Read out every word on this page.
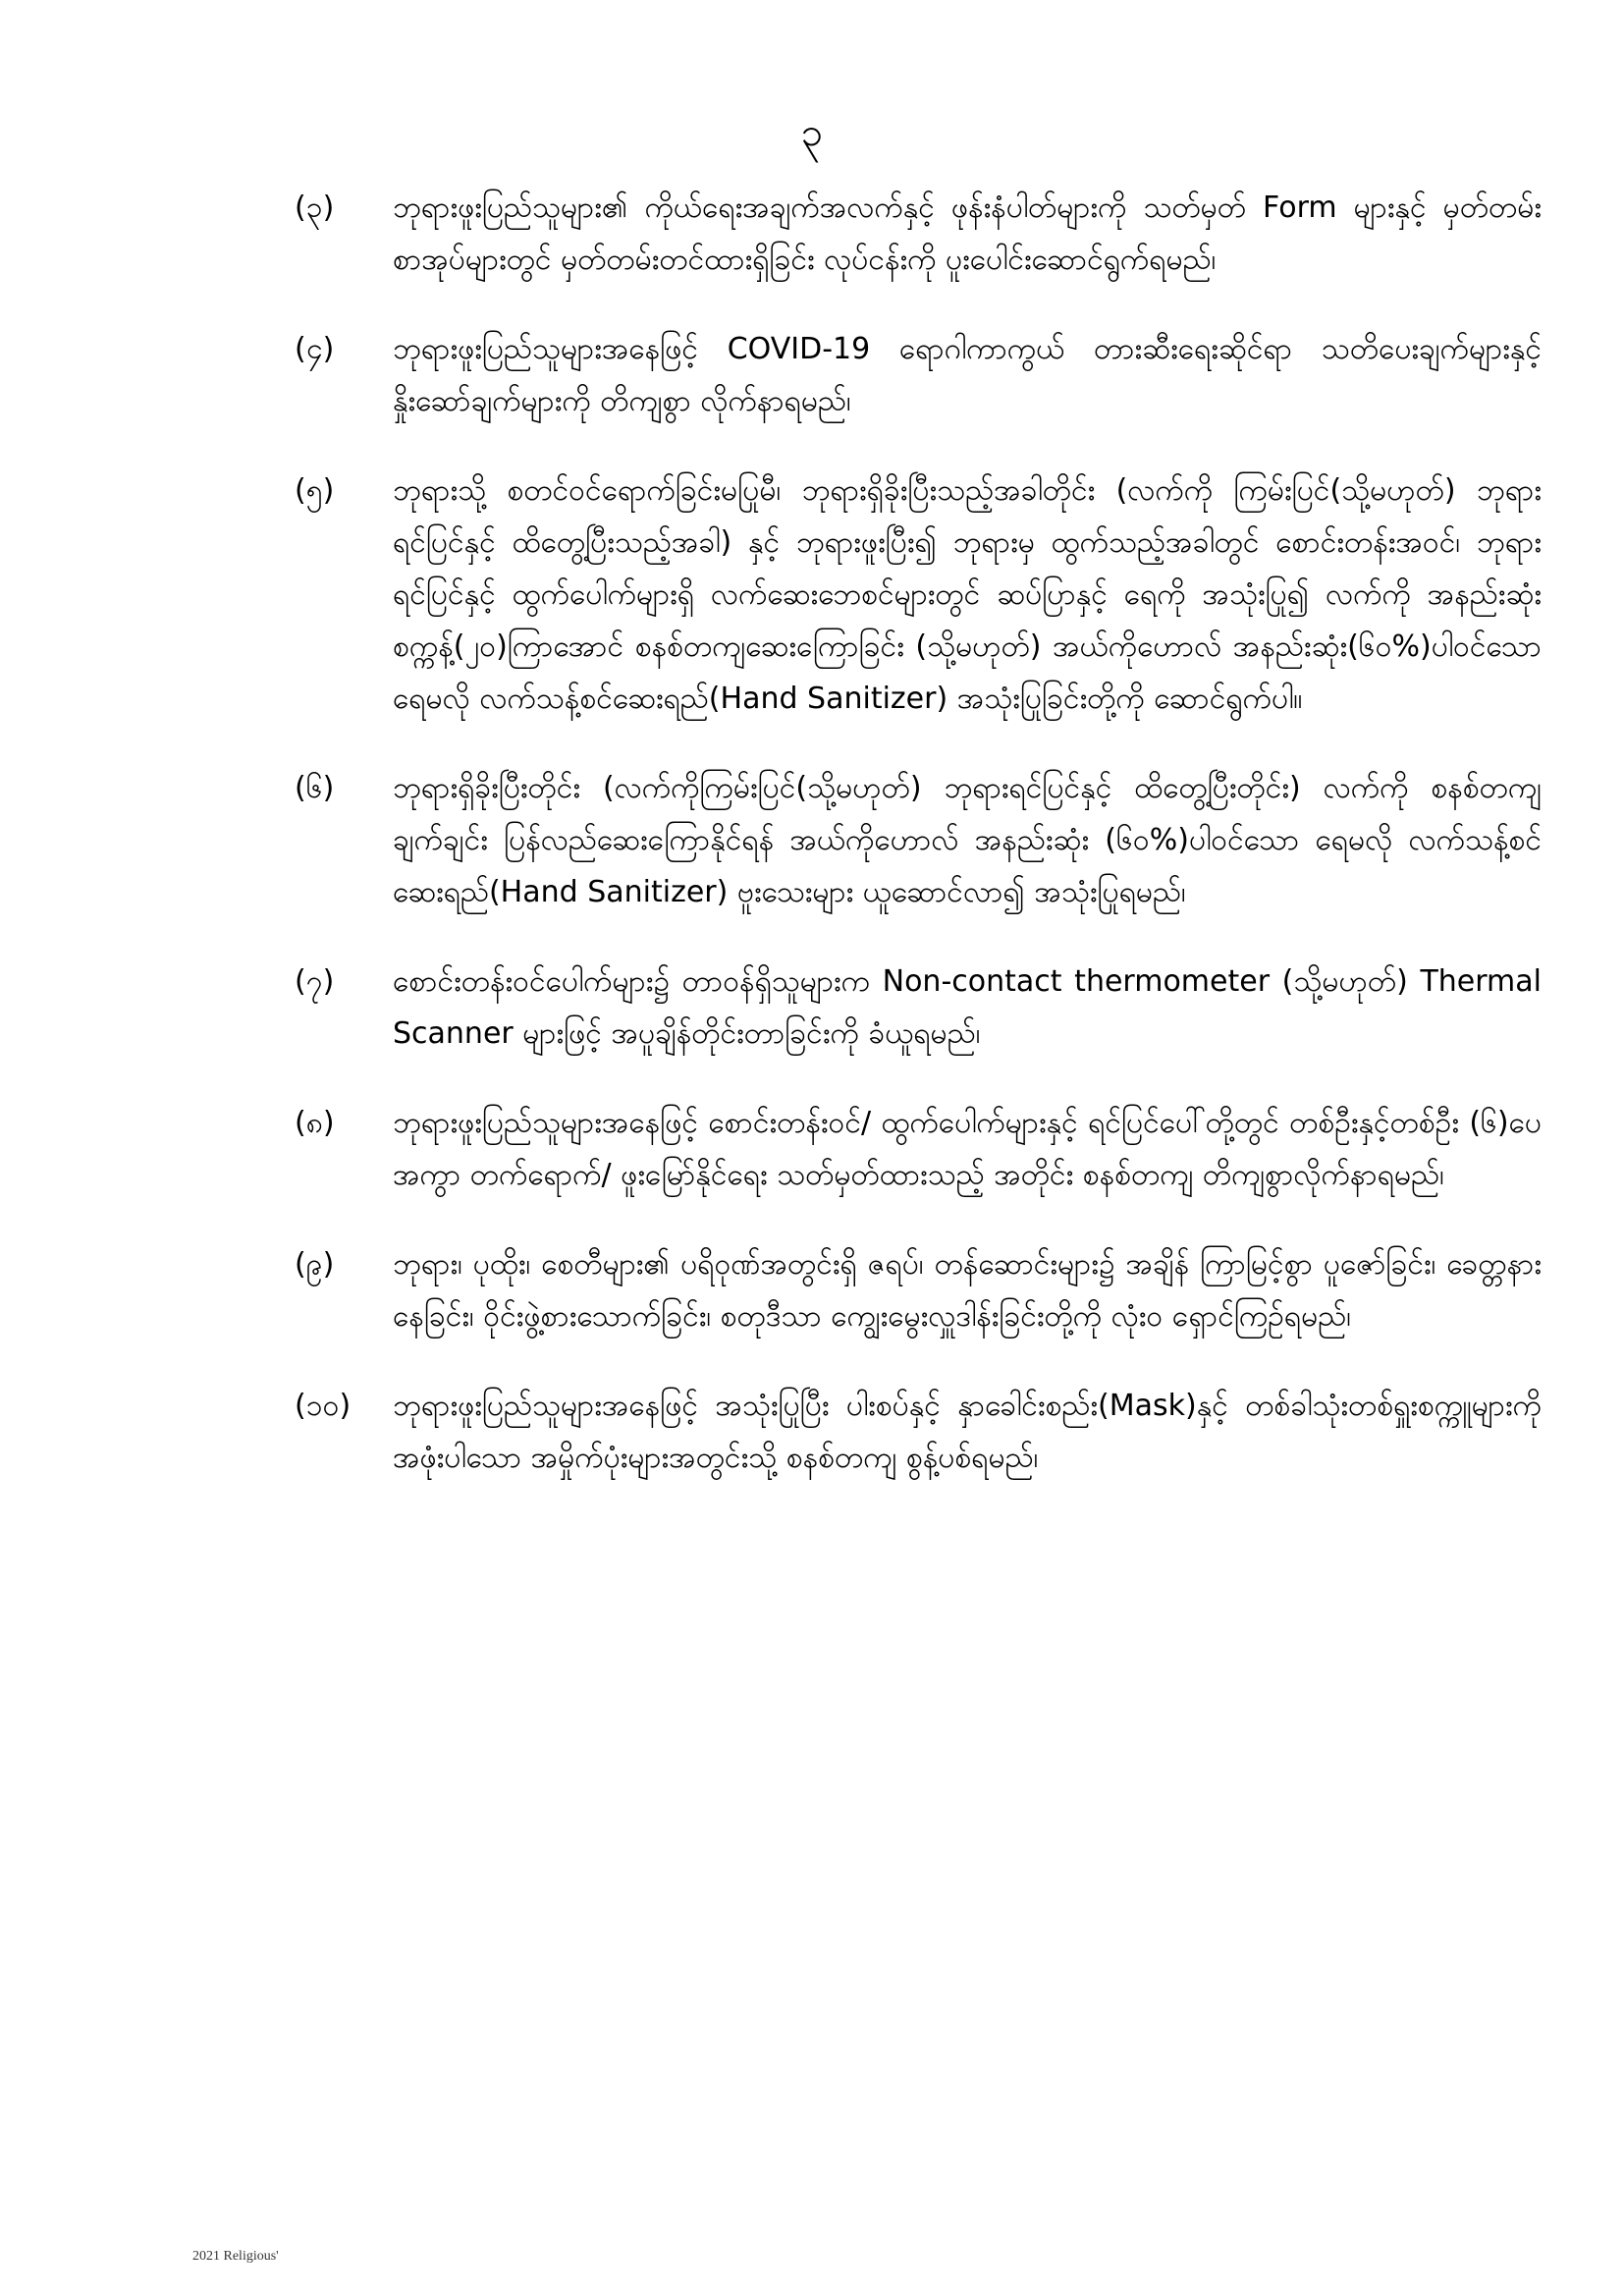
၃
(၃)	ဘုရားဖူးပြည်သူများ၏ ကိုယ်ရေးအချက်အလက်နှင့် ဖုန်းနံပါတ်များကို သတ်မှတ် Form များနှင့် မှတ်တမ်းစာအုပ်များတွင် မှတ်တမ်းတင်ထားရှိခြင်း လုပ်ငန်းကို ပူးပေါင်းဆောင်ရွက်ရမည်၊
(၄)	ဘုရားဖူးပြည်သူများအနေဖြင့် COVID-19 ရောဂါကာကွယ် တားဆီးရေးဆိုင်ရာ သတိပေးချက်များနှင့် နှိုးဆော်ချက်များကို တိကျစွာ လိုက်နာရမည်၊
(၅)	ဘုရားသို့ စတင်ဝင်ရောက်ခြင်းမပြုမီ၊ ဘုရားရှိခိုးပြီးသည့်အခါတိုင်း (လက်ကို ကြမ်းပြင်(သို့မဟုတ်) ဘုရားရင်ပြင်နှင့် ထိတွေ့ပြီးသည့်အခါ) နှင့် ဘုရားဖူးပြီး၍ ဘုရားမှ ထွက်သည့်အခါတွင် စောင်းတန်းအဝင်၊ ဘုရားရင်ပြင်နှင့် ထွက်ပေါက်များရှိ လက်ဆေးဘေစင်များတွင် ဆပ်ပြာနှင့် ရေကို အသုံးပြု၍ လက်ကို အနည်းဆုံး စက္ကန့်(၂၀)ကြာအောင် စနစ်တကျဆေးကြောခြင်း (သို့မဟုတ်) အယ်ကိုဟောလ် အနည်းဆုံး(၆၀%)ပါဝင်သော ရေမလို လက်သန့်စင်ဆေးရည်(Hand Sanitizer) အသုံးပြုခြင်းတို့ကို ဆောင်ရွက်ပါ။
(၆)	ဘုရားရှိခိုးပြီးတိုင်း (လက်ကိုကြမ်းပြင်(သို့မဟုတ်) ဘုရားရင်ပြင်နှင့် ထိတွေ့ပြီးတိုင်း) လက်ကို စနစ်တကျချက်ချင်း ပြန်လည်ဆေးကြောနိုင်ရန် အယ်ကိုဟောလ် အနည်းဆုံး (၆၀%)ပါဝင်သော ရေမလို လက်သန့်စင်ဆေးရည်(Hand Sanitizer) ဗူးသေးများ ယူဆောင်လာ၍ အသုံးပြုရမည်၊
(၇)	စောင်းတန်းဝင်ပေါက်များ၌ တာဝန်ရှိသူများက Non-contact thermometer (သို့မဟုတ်) Thermal Scanner များဖြင့် အပူချိန်တိုင်းတာခြင်းကို ခံယူရမည်၊
(၈)	ဘုရားဖူးပြည်သူများအနေဖြင့် စောင်းတန်းဝင်/ ထွက်ပေါက်များနှင့် ရင်ပြင်ပေါ်တို့တွင် တစ်ဦးနှင့်တစ်ဦး (၆)ပေအကွာ တက်ရောက်/ ဖူးမြော်နိုင်ရေး သတ်မှတ်ထားသည့် အတိုင်း စနစ်တကျ တိကျစွာလိုက်နာရမည်၊
(၉)	ဘုရား၊ ပုထိုး၊ စေတီများ၏ ပရိဝုဏ်အတွင်းရှိ ဇရပ်၊ တန်ဆောင်းများ၌ အချိန် ကြာမြင့်စွာ ပူဇော်ခြင်း၊ ခေတ္တနားနေခြင်း၊ ဝိုင်းဖွဲ့စားသောက်ခြင်း၊ စတုဒီသာ ကျွေးမွေးလှူဒါန်းခြင်းတို့ကို လုံးဝ ရှောင်ကြဉ်ရမည်၊
(၁၀)	ဘုရားဖူးပြည်သူများအနေဖြင့် အသုံးပြုပြီး ပါးစပ်နှင့် နှာခေါင်းစည်း(Mask)နှင့် တစ်ခါသုံးတစ်ရှူးစက္ကူများကို အဖုံးပါသော အမှိုက်ပုံးများအတွင်းသို့ စနစ်တကျ စွန့်ပစ်ရမည်၊
2021 Religious'
